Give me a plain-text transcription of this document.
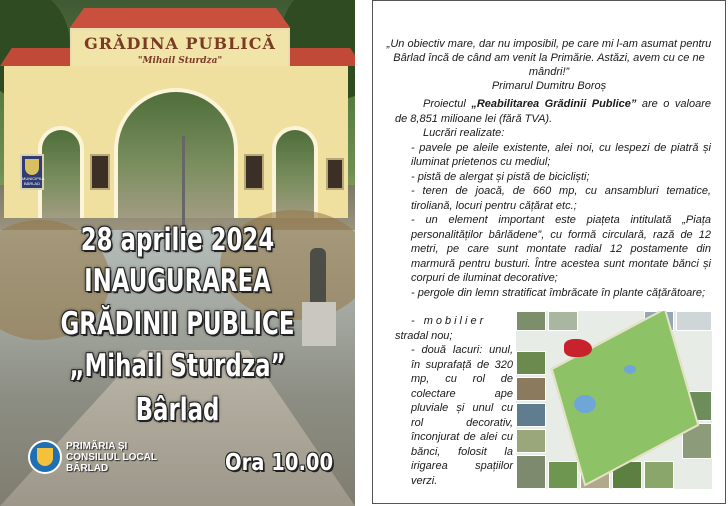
GRĂDINA PUBLICĂ
"Mihail Sturdza"
MUNICIPIUL BÂRLAD
28 aprilie 2024
INAUGURAREA
GRĂDINII PUBLICE
„Mihail Sturdza”
Bârlad
PRIMĂRIA ȘI
CONSILIUL LOCAL
BÂRLAD	Ora 10.00
„Un obiectiv mare, dar nu imposibil, pe care mi l-am asumat pentru Bârlad încă de când am venit la Primărie. Astăzi, avem cu ce ne mândri!”
Primarul Dumitru Boroș

Proiectul „Reabilitarea Grădinii Publice” are o valoare de 8,851 milioane lei (fără TVA).

Lucrări realizate:

- pavele pe aleile existente, alei noi, cu lespezi de piatră și iluminat prietenos cu mediul;

- pistă de alergat și pistă de bicicliști;

- teren de joacă, de 660 mp, cu ansambluri tematice, tiroliană, locuri pentru cățărat etc.;

- un element important este piațeta intitulată „Piața personalităților bârlădene”, cu formă circulară, rază de 12 metri, pe care sunt montate radial 12 postamente din marmură pentru busturi. Între acestea sunt montate bănci și corpuri de iluminat decorative;

- pergole din lemn stratificat îmbrăcate în plante cățărătoare;

- mobilier

stradal nou;

- două lacuri: unul, în suprafață de 320 mp, cu rol de colectare ape pluviale și unul cu rol decorativ, înconjurat de alei cu bănci, folosit la irigarea spațiilor verzi.
